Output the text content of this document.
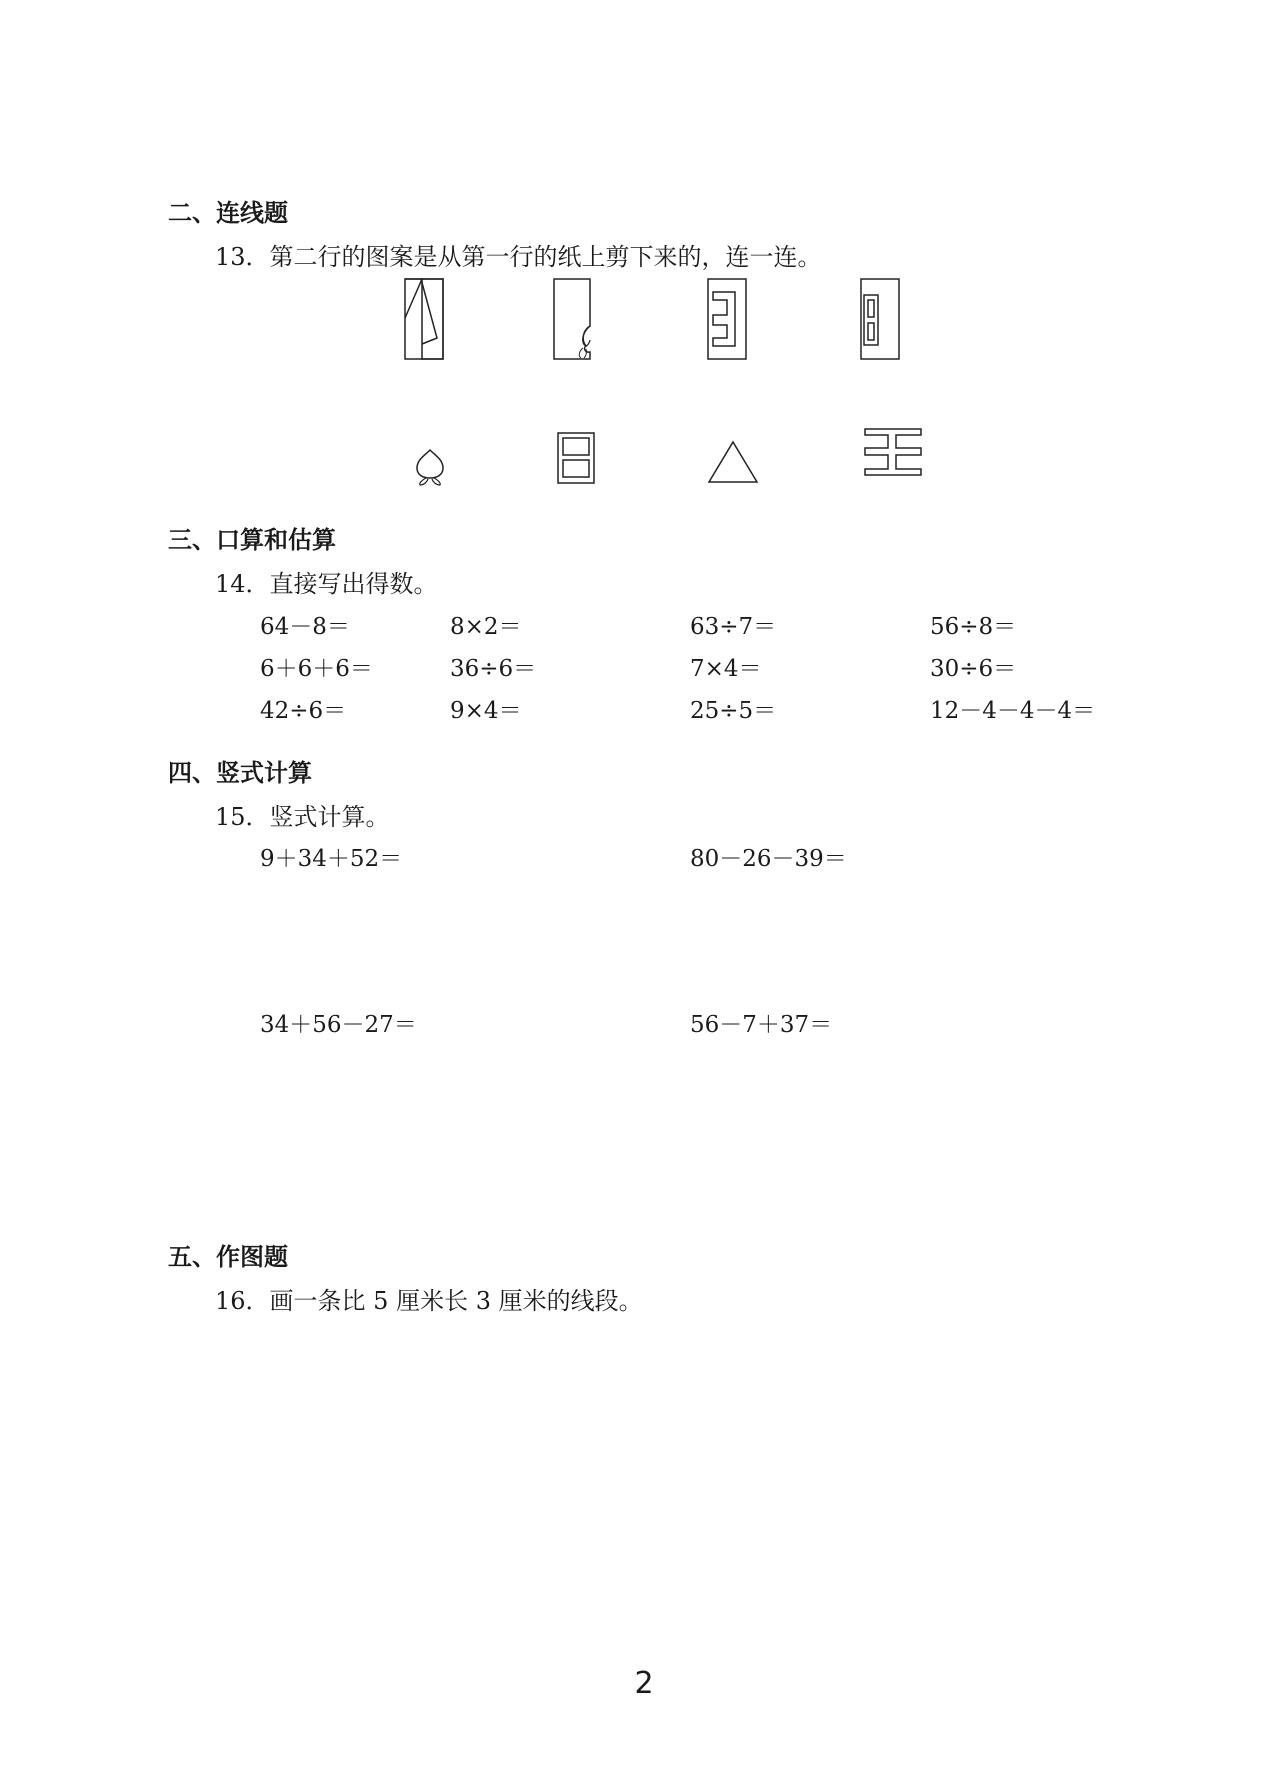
二、连线题
13．第二行的图案是从第一行的纸上剪下来的，连一连。
三、口算和估算
14．直接写出得数。
64－8＝	8×2＝	63÷7＝	56÷8＝
6＋6＋6＝	36÷6＝	7×4＝	30÷6＝
42÷6＝	9×4＝	25÷5＝	12－4－4－4＝
四、竖式计算
15．竖式计算。
9＋34＋52＝	80－26－39＝
34＋56－27＝	56－7＋37＝
五、作图题
16．画一条比 5 厘米长 3 厘米的线段。
2
